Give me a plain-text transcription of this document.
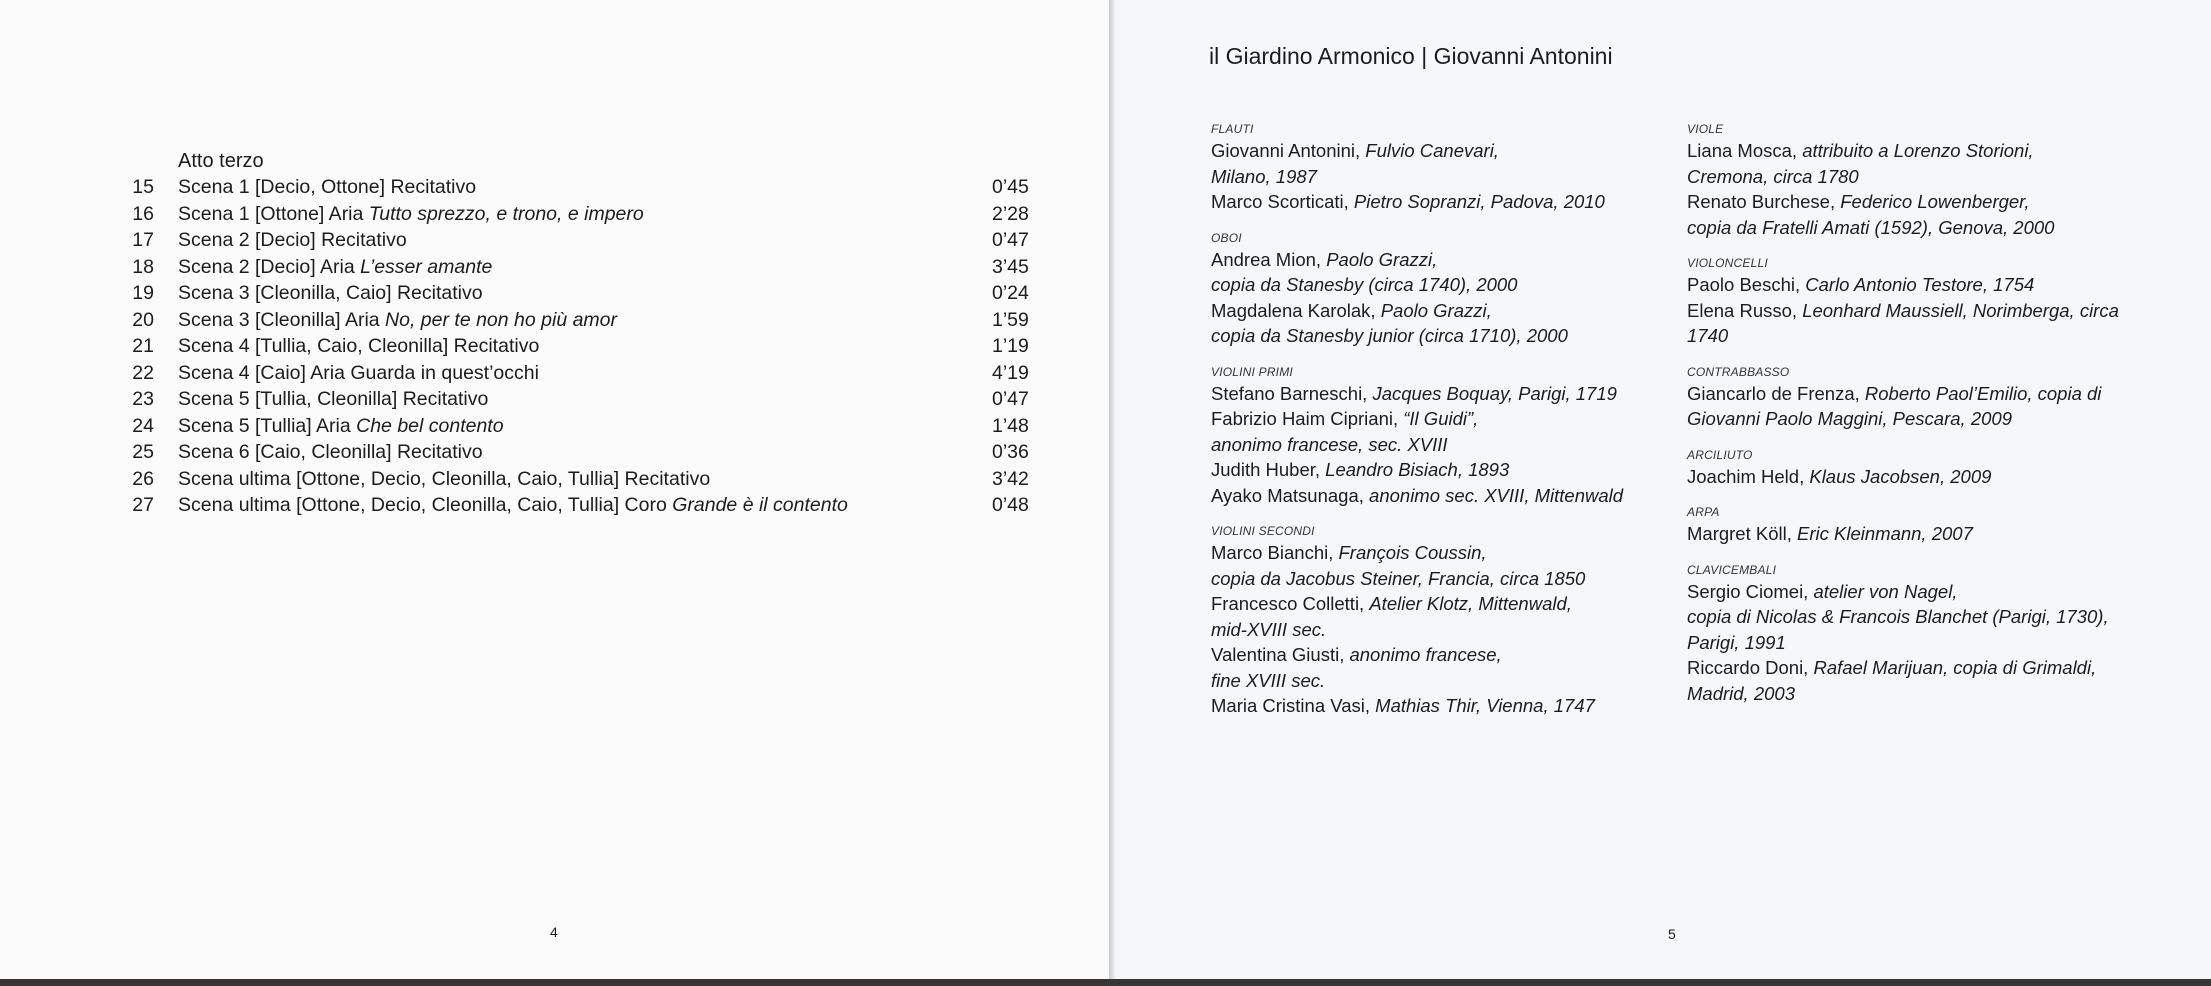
Atto terzo
15 Scena 1 [Decio, Ottone] Recitativo	0’45
16 Scena 1 [Ottone] Aria Tutto sprezzo, e trono, e impero	2’28
17 Scena 2 [Decio] Recitativo	0’47
18 Scena 2 [Decio] Aria L’esser amante	3’45
19 Scena 3 [Cleonilla, Caio] Recitativo	0’24
20 Scena 3 [Cleonilla] Aria No, per te non ho più amor	1’59
21 Scena 4 [Tullia, Caio, Cleonilla] Recitativo	1’19
22 Scena 4 [Caio] Aria Guarda in quest’occhi	4’19
23 Scena 5 [Tullia, Cleonilla] Recitativo	0’47
24 Scena 5 [Tullia] Aria Che bel contento	1’48
25 Scena 6 [Caio, Cleonilla] Recitativo	0’36
26 Scena ultima [Ottone, Decio, Cleonilla, Caio, Tullia] Recitativo	3’42
27 Scena ultima [Ottone, Decio, Cleonilla, Caio, Tullia] Coro Grande è il contento	0’48
4	5
il Giardino Armonico | Giovanni Antonini
FLAUTI
Giovanni Antonini, Fulvio Canevari,
Milano, 1987
Marco Scorticati, Pietro Sopranzi, Padova, 2010
OBOI
Andrea Mion, Paolo Grazzi,
copia da Stanesby (circa 1740), 2000
Magdalena Karolak, Paolo Grazzi,
copia da Stanesby junior (circa 1710), 2000
VIOLINI PRIMI
Stefano Barneschi, Jacques Boquay, Parigi, 1719
Fabrizio Haim Cipriani, “Il Guidi”,
anonimo francese, sec. XVIII
Judith Huber, Leandro Bisiach, 1893
Ayako Matsunaga, anonimo sec. XVIII, Mittenwald
VIOLINI SECONDI
Marco Bianchi, François Coussin,
copia da Jacobus Steiner, Francia, circa 1850
Francesco Colletti, Atelier Klotz, Mittenwald,
mid-XVIII sec.
Valentina Giusti, anonimo francese,
fine XVIII sec.
Maria Cristina Vasi, Mathias Thir, Vienna, 1747
VIOLE
Liana Mosca, attribuito a Lorenzo Storioni,
Cremona, circa 1780
Renato Burchese, Federico Lowenberger,
copia da Fratelli Amati (1592), Genova, 2000
VIOLONCELLI
Paolo Beschi, Carlo Antonio Testore, 1754
Elena Russo, Leonhard Maussiell, Norimberga, circa
1740
CONTRABBASSO
Giancarlo de Frenza, Roberto Paol’Emilio, copia di
Giovanni Paolo Maggini, Pescara, 2009
ARCILIUTO
Joachim Held, Klaus Jacobsen, 2009
ARPA
Margret Köll, Eric Kleinmann, 2007
CLAVICEMBALI
Sergio Ciomei, atelier von Nagel,
copia di Nicolas & Francois Blanchet (Parigi, 1730), Parigi, 1991
Riccardo Doni, Rafael Marijuan, copia di Grimaldi,
Madrid, 2003
